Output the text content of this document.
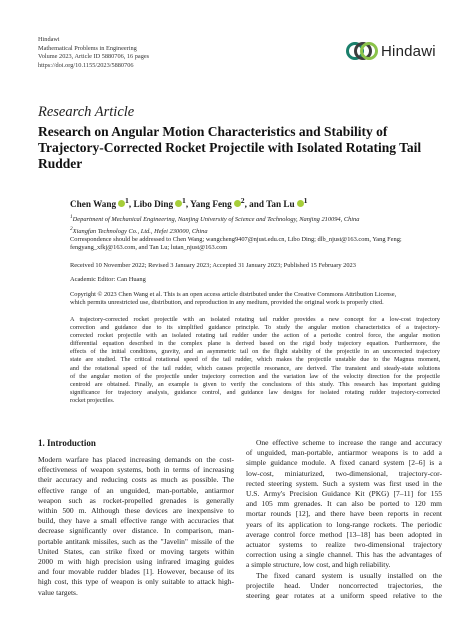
Hindawi
Mathematical Problems in Engineering
Volume 2023, Article ID 5880706, 16 pages
https://doi.org/10.1155/2023/5880706
Hindawi
Research Article
Research on Angular Motion Characteristics and Stability of Trajectory-Corrected Rocket Projectile with Isolated Rotating Tail Rudder
Chen Wang $^1$, Libo Ding $^1$, Yang Feng $^2$, and Tan Lu $^1$
$^1$Department of Mechanical Engineering, Nanjing University of Science and Technology, Nanjing 210094, China
$^2$Xiangfan Technology Co., Ltd., Hefei 230000, China
Correspondence should be addressed to Chen Wang; wangcheng9407@njust.edu.cn, Libo Ding; dlb_njust@163.com, Yang Feng;
fengyang_xfkj@163.com, and Tan Lu; lutan_njust@163.com
Received 10 November 2022; Revised 3 January 2023; Accepted 31 January 2023; Published 15 February 2023
Academic Editor: Can Huang
Copyright © 2023 Chen Wang et al. This is an open access article distributed under the Creative Commons Attribution License,
which permits unrestricted use, distribution, and reproduction in any medium, provided the original work is properly cited.
A trajectory-corrected rocket projectile with an isolated rotating tail rudder provides a new concept for a low-cost trajectory
correction and guidance due to its simplified guidance principle. To study the angular motion characteristics of a trajectory-
corrected rocket projectile with an isolated rotating tail rudder under the action of a periodic control force, the angular motion
differential equation described in the complex plane is derived based on the rigid body trajectory equation. Furthermore, the
effects of the initial conditions, gravity, and an asymmetric tail on the flight stability of the projectile in an uncorrected trajectory
state are studied. The critical rotational speed of the tail rudder, which makes the projectile unstable due to the Magnus moment,
and the rotational speed of the tail rudder, which causes projectile resonance, are derived. The transient and steady-state solutions
of the angular motion of the projectile under trajectory correction and the variation law of the velocity direction for the projectile
centroid are obtained. Finally, an example is given to verify the conclusions of this study. This research has important guiding
significance for trajectory analysis, guidance control, and guidance law designs for isolated rotating rudder trajectory-corrected
rocket projectiles.
1. Introduction
Modern warfare has placed increasing demands on the cost-
effectiveness of weapon systems, both in terms of increasing
their accuracy and reducing costs as much as possible. The
effective range of an unguided, man-portable, antiarmor
weapon such as rocket-propelled grenades is generally
within 500 m. Although these devices are inexpensive to
build, they have a small effective range with accuracies that
decrease significantly over distance. In comparison, man-
portable antitank missiles, such as the "Javelin" missile of the
United States, can strike fixed or moving targets within
2000 m with high precision using infrared imaging guides
and four movable rudder blades [1]. However, because of its
high cost, this type of weapon is only suitable to attack high-
value targets.
One effective scheme to increase the range and accuracy
of unguided, man-portable, antiarmor weapons is to add a
simple guidance module. A fixed canard system [2–6] is a
low-cost, miniaturized, two-dimensional, trajectory-cor-
rected steering system. Such a system was first used in the
U.S. Army's Precision Guidance Kit (PKG) [7–11] for 155
and 105 mm grenades. It can also be ported to 120 mm
mortar rounds [12], and there have been reports in recent
years of its application to long-range rockets. The periodic
average control force method [13–18] has been adopted in
actuator systems to realize two-dimensional trajectory
correction using a single channel. This has the advantages of
a simple structure, low cost, and high reliability.
The fixed canard system is usually installed on the
projectile head. Under noncorrected trajectories, the
steering gear rotates at a uniform speed relative to the
